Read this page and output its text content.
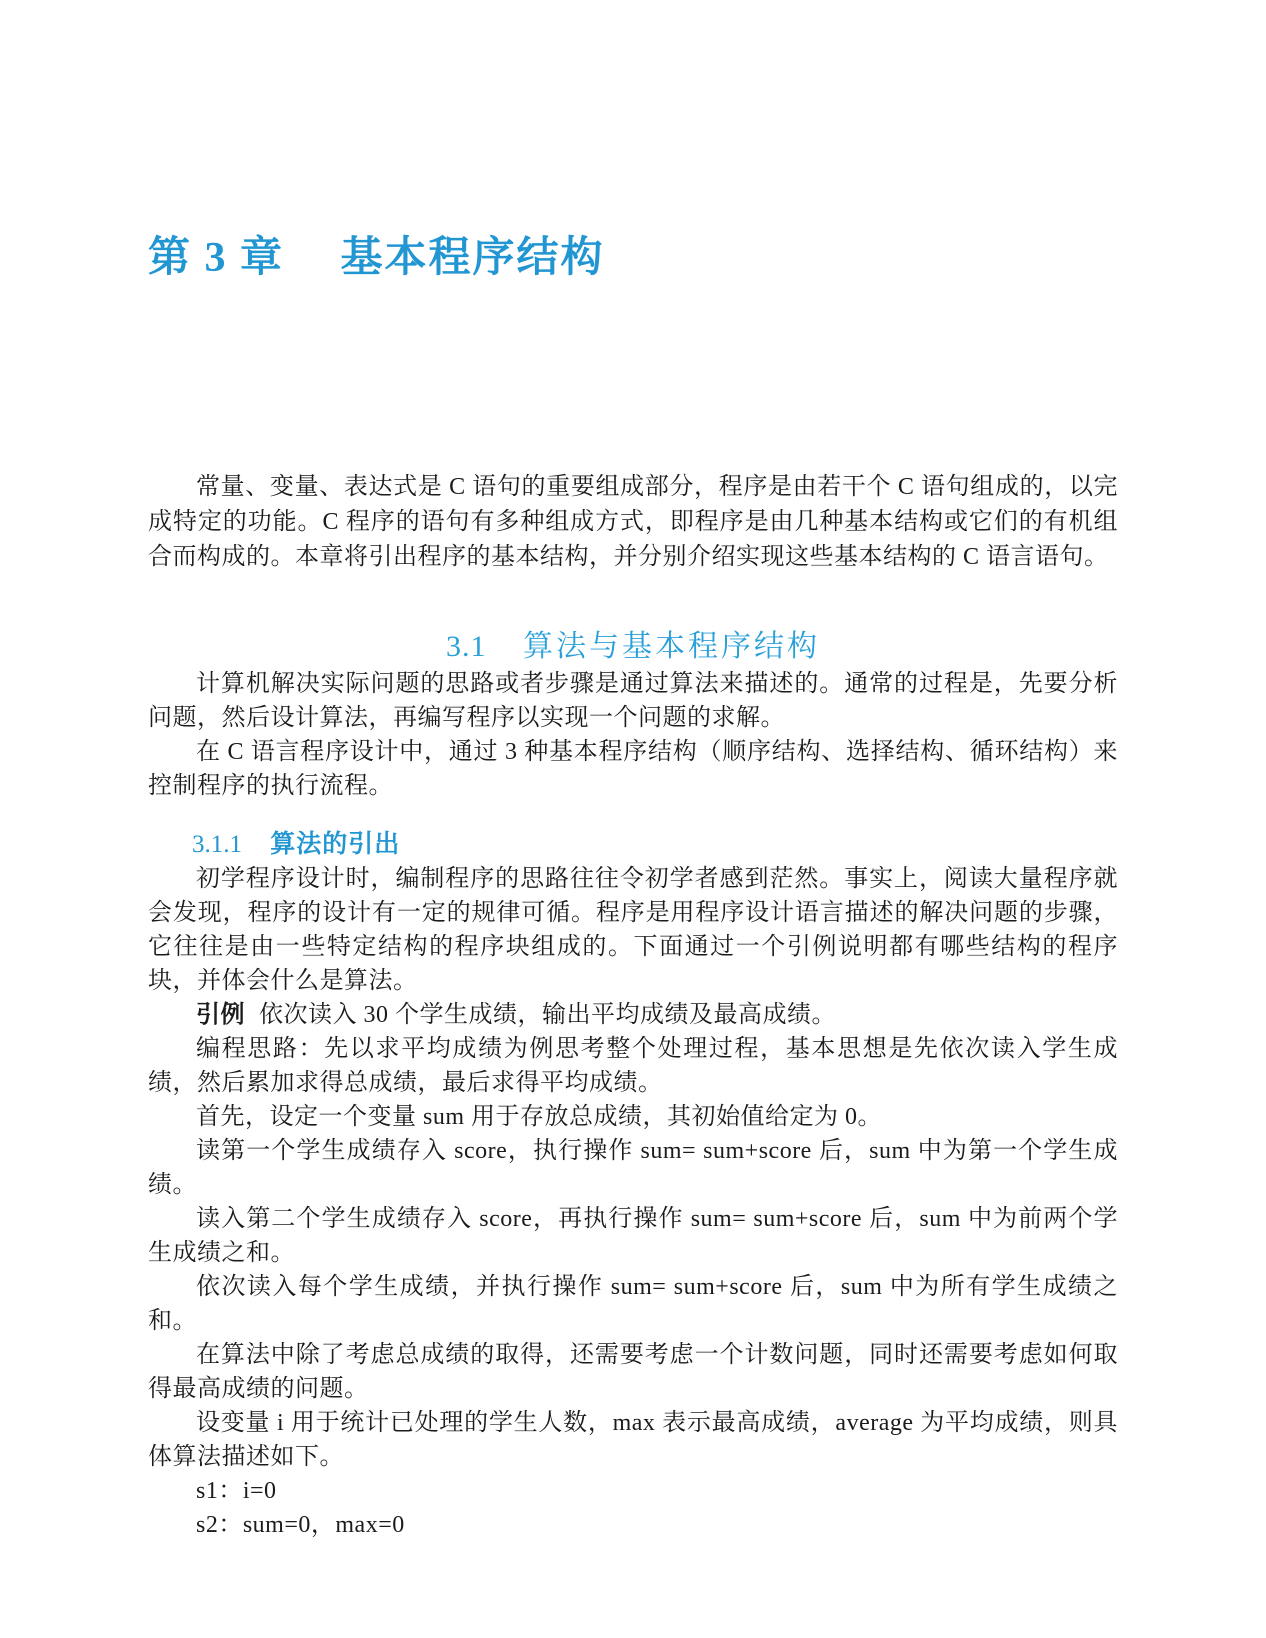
第 3 章 基本程序结构

常量、变量、表达式是 C 语句的重要组成部分，程序是由若干个 C 语句组成的，以完成特定的功能。C 程序的语句有多种组成方式，即程序是由几种基本结构或它们的有机组合而构成的。本章将引出程序的基本结构，并分别介绍实现这些基本结构的 C 语言语句。

3.1 算法与基本程序结构

计算机解决实际问题的思路或者步骤是通过算法来描述的。通常的过程是，先要分析问题，然后设计算法，再编写程序以实现一个问题的求解。

在 C 语言程序设计中，通过 3 种基本程序结构（顺序结构、选择结构、循环结构）来控制程序的执行流程。

3.1.1 算法的引出

初学程序设计时，编制程序的思路往往令初学者感到茫然。事实上，阅读大量程序就会发现，程序的设计有一定的规律可循。程序是用程序设计语言描述的解决问题的步骤，它往往是由一些特定结构的程序块组成的。下面通过一个引例说明都有哪些结构的程序块，并体会什么是算法。

引例 依次读入 30 个学生成绩，输出平均成绩及最高成绩。

编程思路：先以求平均成绩为例思考整个处理过程，基本思想是先依次读入学生成绩，然后累加求得总成绩，最后求得平均成绩。

首先，设定一个变量 sum 用于存放总成绩，其初始值给定为 0。

读第一个学生成绩存入 score，执行操作 sum= sum+score 后，sum 中为第一个学生成绩。

读入第二个学生成绩存入 score，再执行操作 sum= sum+score 后，sum 中为前两个学生成绩之和。

依次读入每个学生成绩，并执行操作 sum= sum+score 后，sum 中为所有学生成绩之和。

在算法中除了考虑总成绩的取得，还需要考虑一个计数问题，同时还需要考虑如何取得最高成绩的问题。

设变量 i 用于统计已处理的学生人数，max 表示最高成绩，average 为平均成绩，则具体算法描述如下。

s1：i=0

s2：sum=0，max=0
